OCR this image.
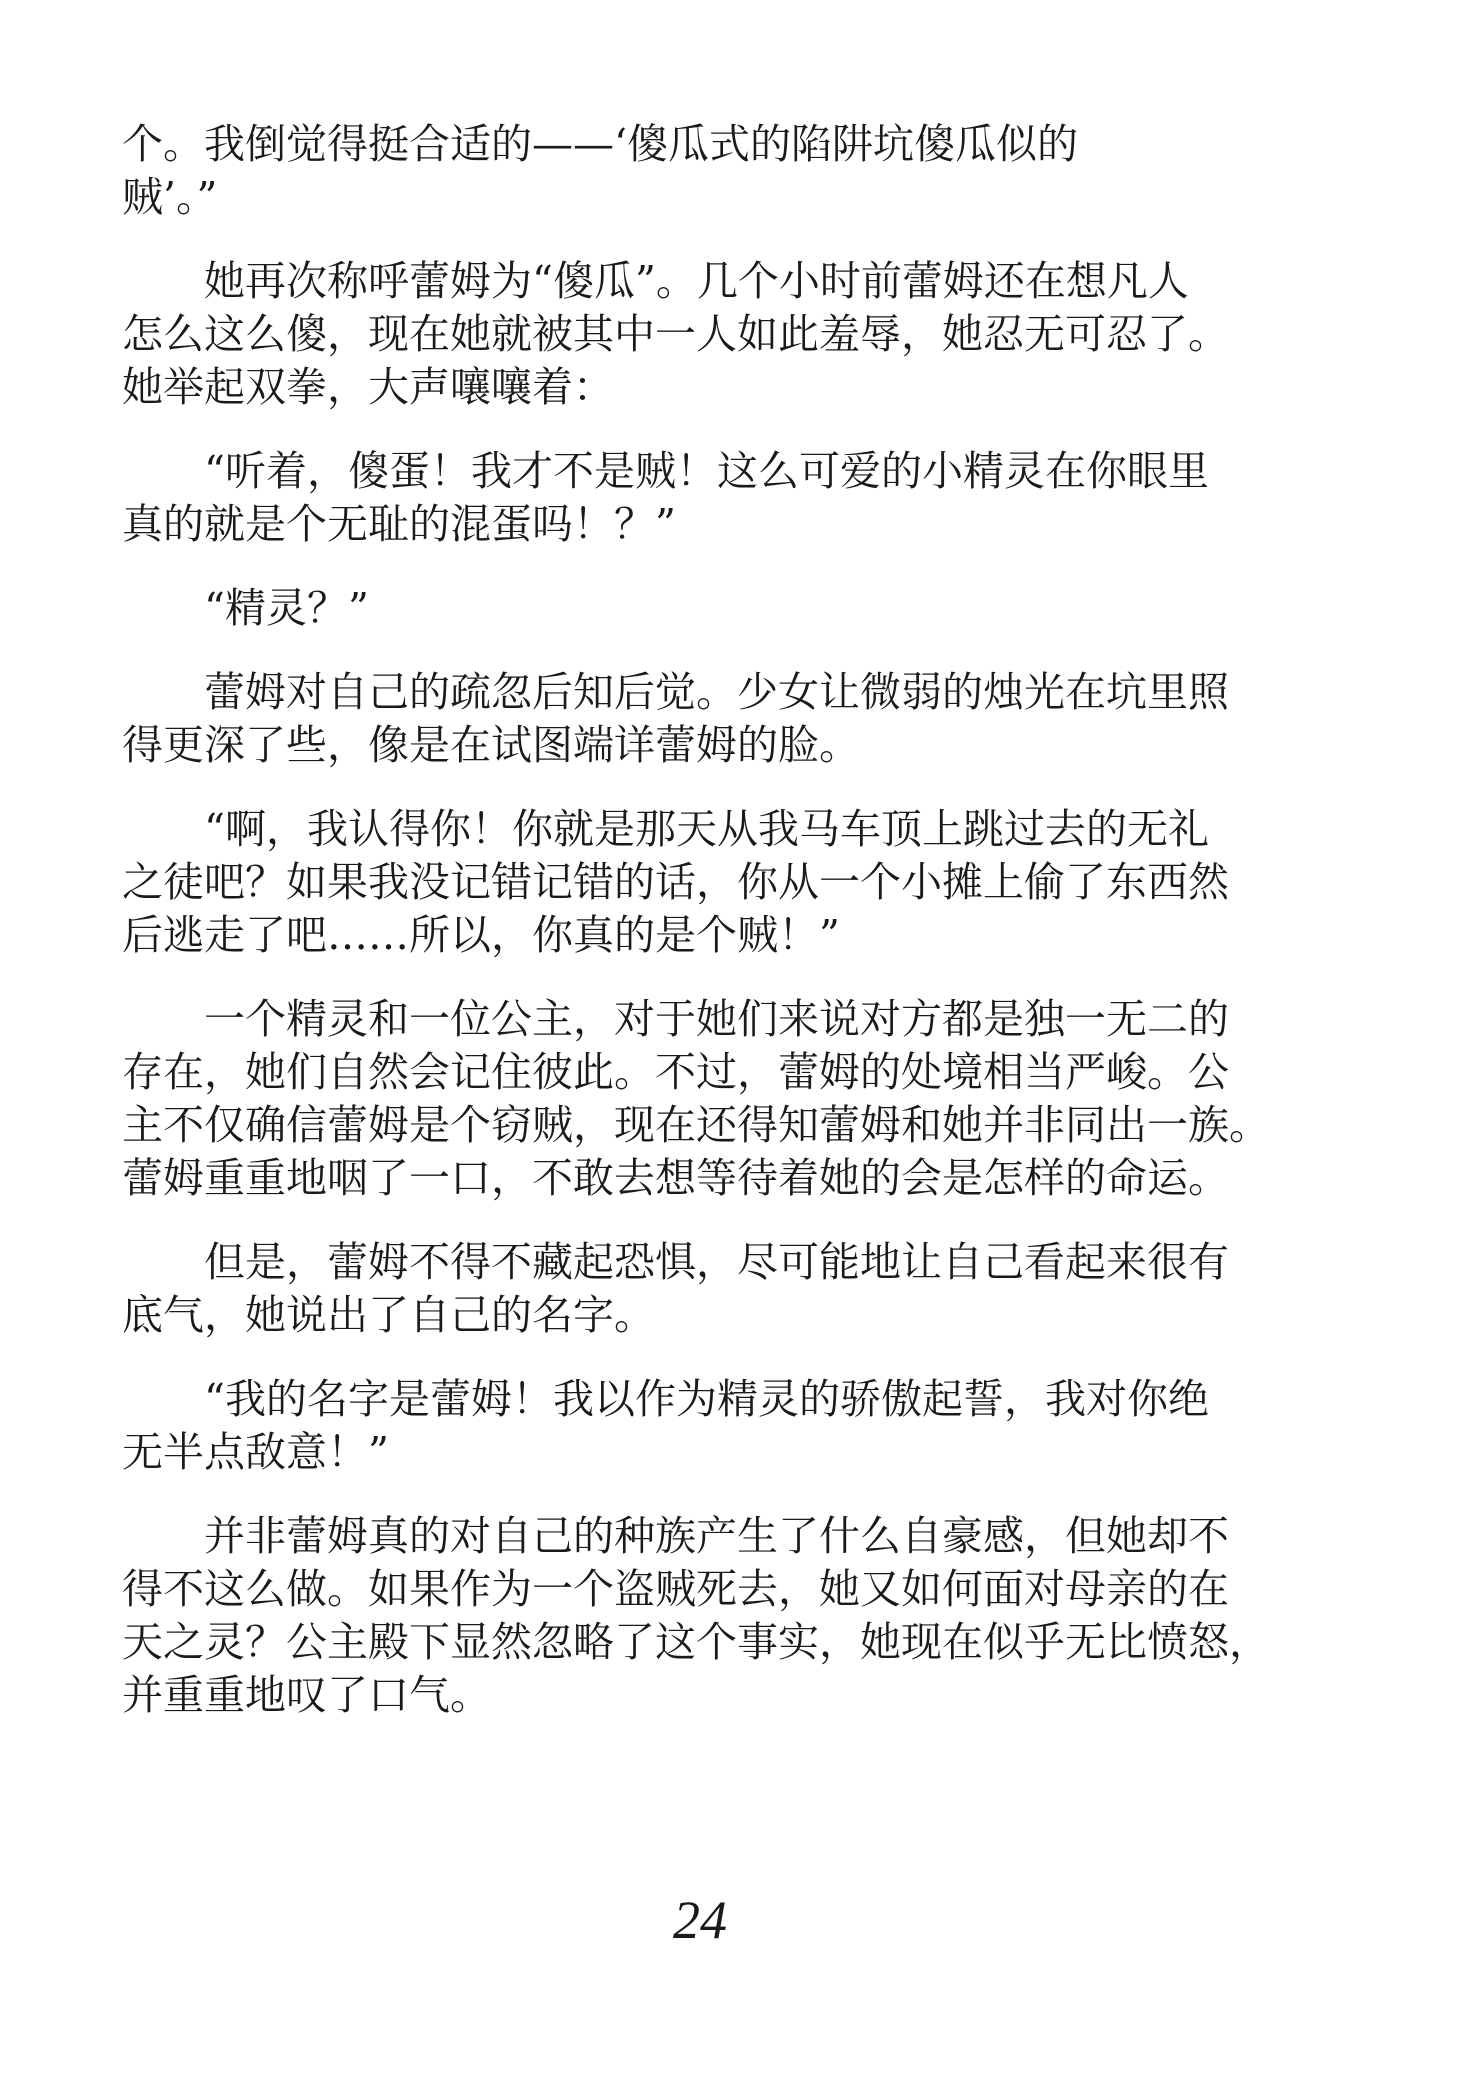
个。我倒觉得挺合适的——‘傻瓜式的陷阱坑傻瓜似的
贼’。”

她再次称呼蕾姆为“傻瓜”。几个小时前蕾姆还在想凡人
怎么这么傻，现在她就被其中一人如此羞辱，她忍无可忍了。
她举起双拳，大声嚷嚷着：

“听着，傻蛋！我才不是贼！这么可爱的小精灵在你眼里
真的就是个无耻的混蛋吗！？”

“精灵？”

蕾姆对自己的疏忽后知后觉。少女让微弱的烛光在坑里照
得更深了些，像是在试图端详蕾姆的脸。

“啊，我认得你！你就是那天从我马车顶上跳过去的无礼
之徒吧？如果我没记错记错的话，你从一个小摊上偷了东西然
后逃走了吧……所以，你真的是个贼！”

一个精灵和一位公主，对于她们来说对方都是独一无二的
存在，她们自然会记住彼此。不过，蕾姆的处境相当严峻。公
主不仅确信蕾姆是个窃贼，现在还得知蕾姆和她并非同出一族。
蕾姆重重地咽了一口，不敢去想等待着她的会是怎样的命运。

但是，蕾姆不得不藏起恐惧，尽可能地让自己看起来很有
底气，她说出了自己的名字。

“我的名字是蕾姆！我以作为精灵的骄傲起誓，我对你绝
无半点敌意！”

并非蕾姆真的对自己的种族产生了什么自豪感，但她却不
得不这么做。如果作为一个盗贼死去，她又如何面对母亲的在
天之灵？公主殿下显然忽略了这个事实，她现在似乎无比愤怒，
并重重地叹了口气。

24
